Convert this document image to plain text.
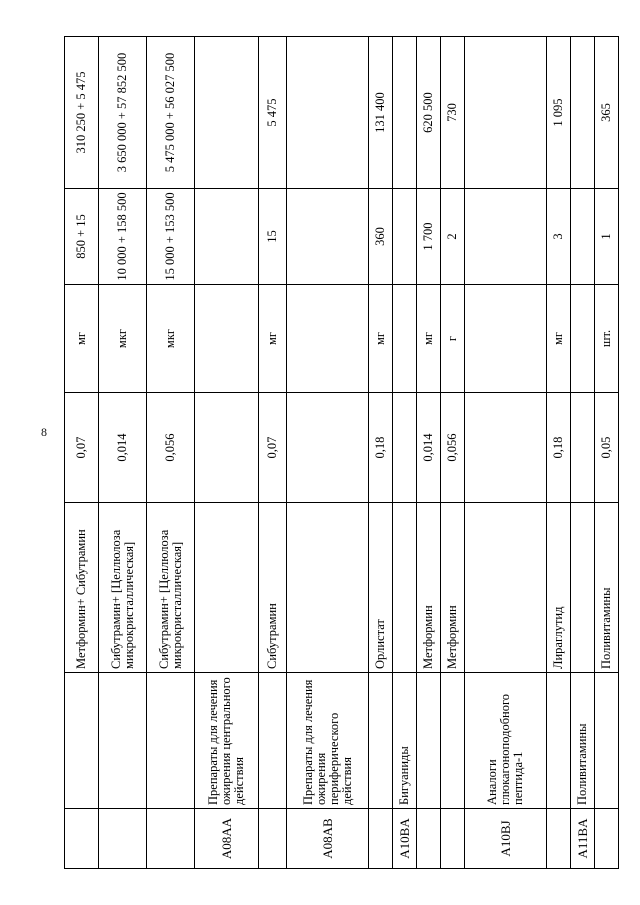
8
		Метформин+ Сибутрамин	0,07	мг	850 + 15	310 250 + 5 475
		Сибутрамин+ [Целлюлоза микрокристаллическая]	0,014	мкг	10 000 + 158 500	3 650 000 + 57 852 500
		Сибутрамин+ [Целлюлоза микрокристаллическая]	0,056	мкг	15 000 + 153 500	5 475 000 + 56 027 500
A08AA	Препараты для лечения ожирения центрального действия					
		Сибутрамин	0,07	мг	15	5 475
A08AB	Препараты для лечения ожирения периферического действия					
		Орлистат	0,18	мг	360	131 400
A10BA	Бигуаниды					
		Метформин	0,014	мг	1 700	620 500
		Метформин	0,056	г	2	730
A10BJ	Аналоги глюкагоноподобного пептида-1					
		Лираглутид	0,18	мг	3	1 095
A11BA	Поливитамины					
		Поливитамины	0,05	шт.	1	365
